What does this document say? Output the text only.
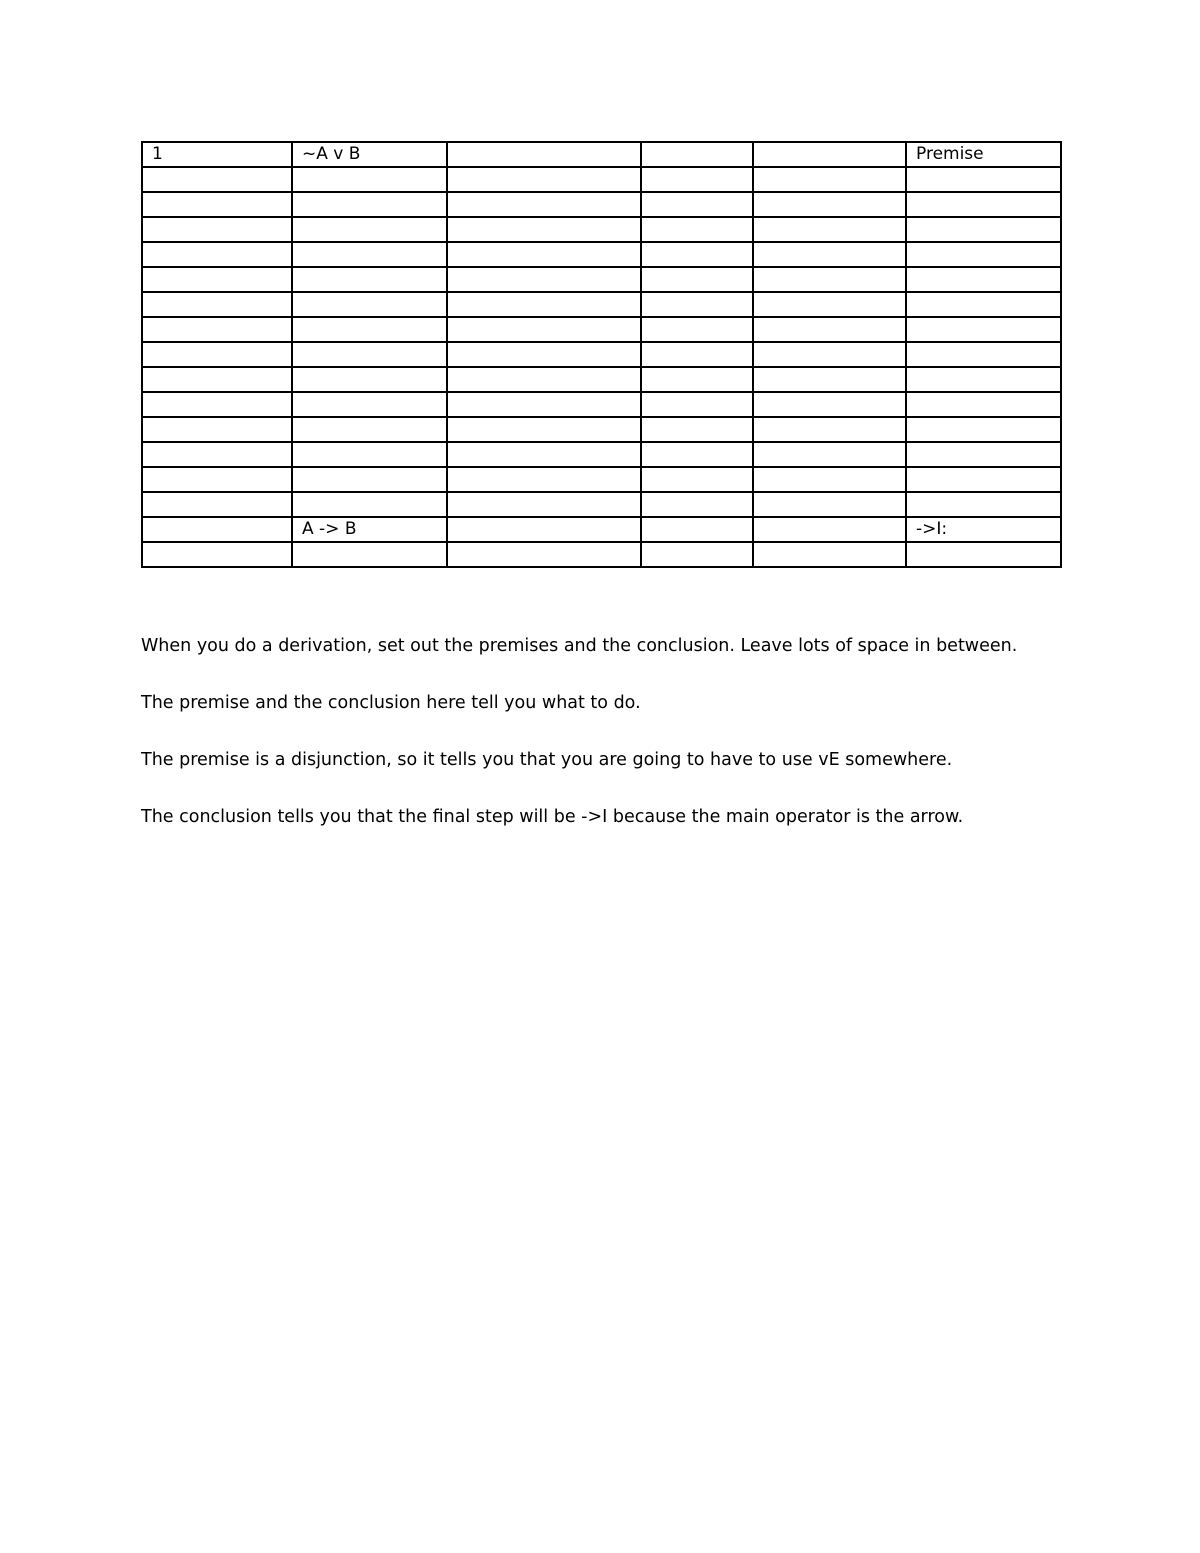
1	~A v B				Premise

	A -> B				->I:

When you do a derivation, set out the premises and the conclusion. Leave lots of space in between.

The premise and the conclusion here tell you what to do.

The premise is a disjunction, so it tells you that you are going to have to use vE somewhere.

The conclusion tells you that the final step will be ->I because the main operator is the arrow.
